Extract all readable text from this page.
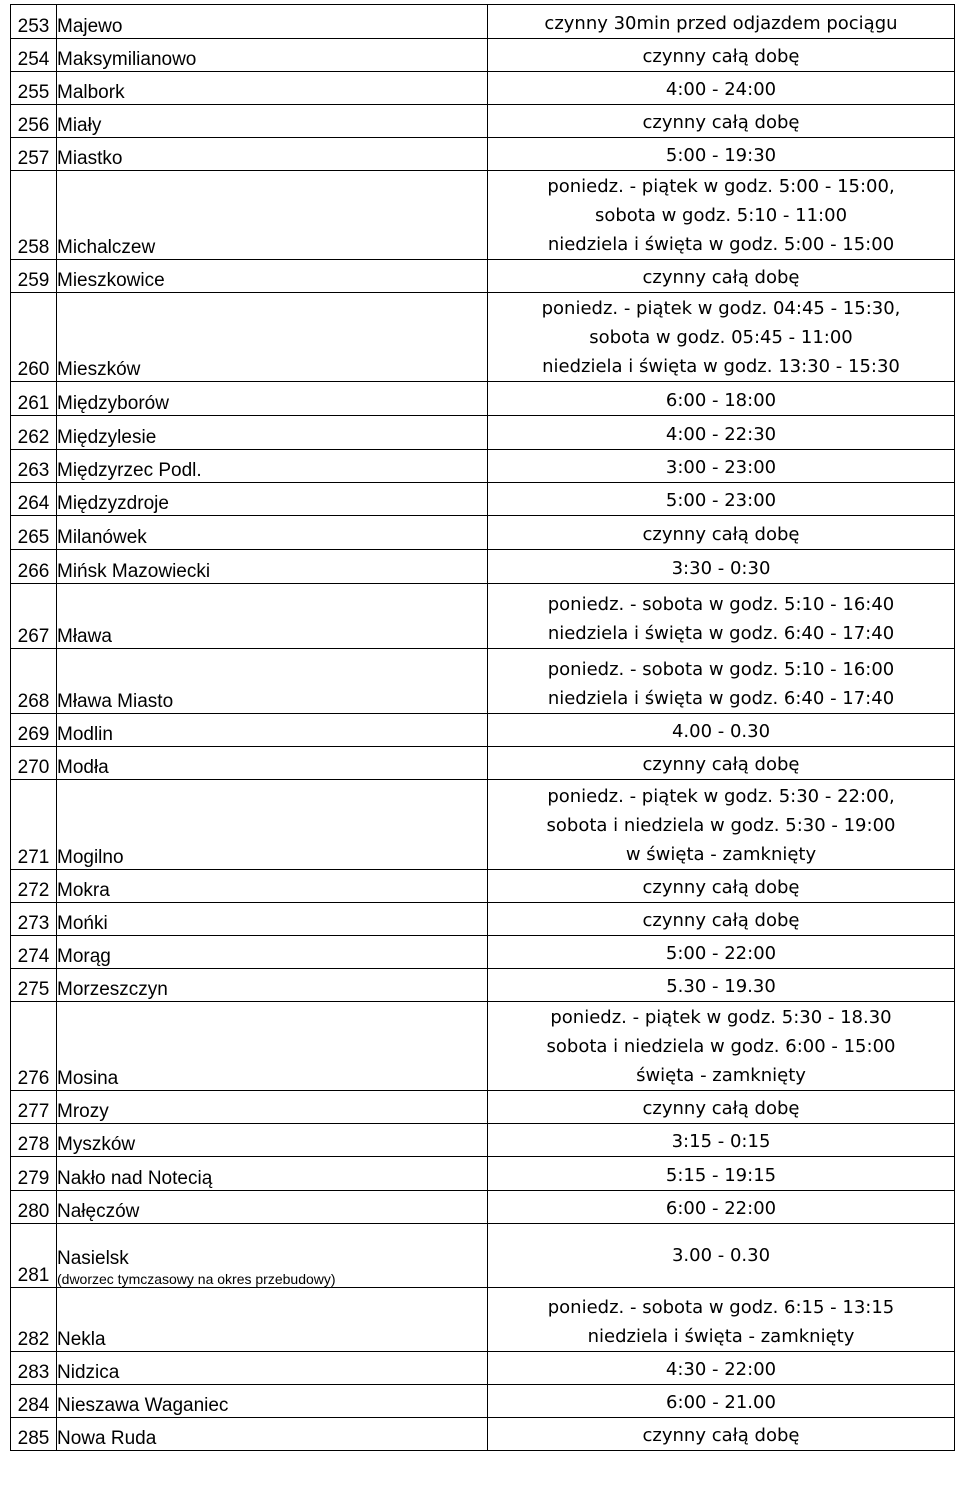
253	Majewo	czynny 30min przed odjazdem pociągu

254	Maksymilianowo	czynny całą dobę

255	Malbork	4:00 - 24:00

256	Miały	czynny całą dobę

257	Miastko	5:00 - 19:30

258	Michalczew	poniedz. - piątek w godz. 5:00 - 15:00,
sobota w godz. 5:10 - 11:00
niedziela i święta w godz. 5:00 - 15:00

259	Mieszkowice	czynny całą dobę

260	Mieszków	poniedz. - piątek w godz. 04:45 - 15:30,
sobota w godz. 05:45 - 11:00
niedziela i święta w godz. 13:30 - 15:30

261	Międzyborów	6:00 - 18:00

262	Międzylesie	4:00 - 22:30

263	Międzyrzec Podl.	3:00 - 23:00

264	Międzyzdroje	5:00 - 23:00

265	Milanówek	czynny całą dobę

266	Mińsk Mazowiecki	3:30 - 0:30

267	Mława	poniedz. - sobota w godz. 5:10 - 16:40
niedziela i święta w godz. 6:40 - 17:40

268	Mława Miasto	poniedz. - sobota w godz. 5:10 - 16:00
niedziela i święta w godz. 6:40 - 17:40

269	Modlin	4.00 - 0.30

270	Modła	czynny całą dobę

271	Mogilno	poniedz. - piątek w godz. 5:30 - 22:00,
sobota i niedziela w godz. 5:30 - 19:00
w święta - zamknięty

272	Mokra	czynny całą dobę

273	Mońki	czynny całą dobę

274	Morąg	5:00 - 22:00

275	Morzeszczyn	5.30 - 19.30

276	Mosina	poniedz. - piątek w godz. 5:30 - 18.30
sobota i niedziela w godz. 6:00 - 15:00
święta - zamknięty

277	Mrozy	czynny całą dobę

278	Myszków	3:15 - 0:15

279	Nakło nad Notecią	5:15 - 19:15

280	Nałęczów	6:00 - 22:00

281	Nasielsk
(dworzec tymczasowy na okres przebudowy)	3.00 - 0.30

282	Nekla	poniedz. - sobota w godz. 6:15 - 13:15
niedziela i święta - zamknięty

283	Nidzica	4:30 - 22:00

284	Nieszawa Waganiec	6:00 - 21.00

285	Nowa Ruda	czynny całą dobę
